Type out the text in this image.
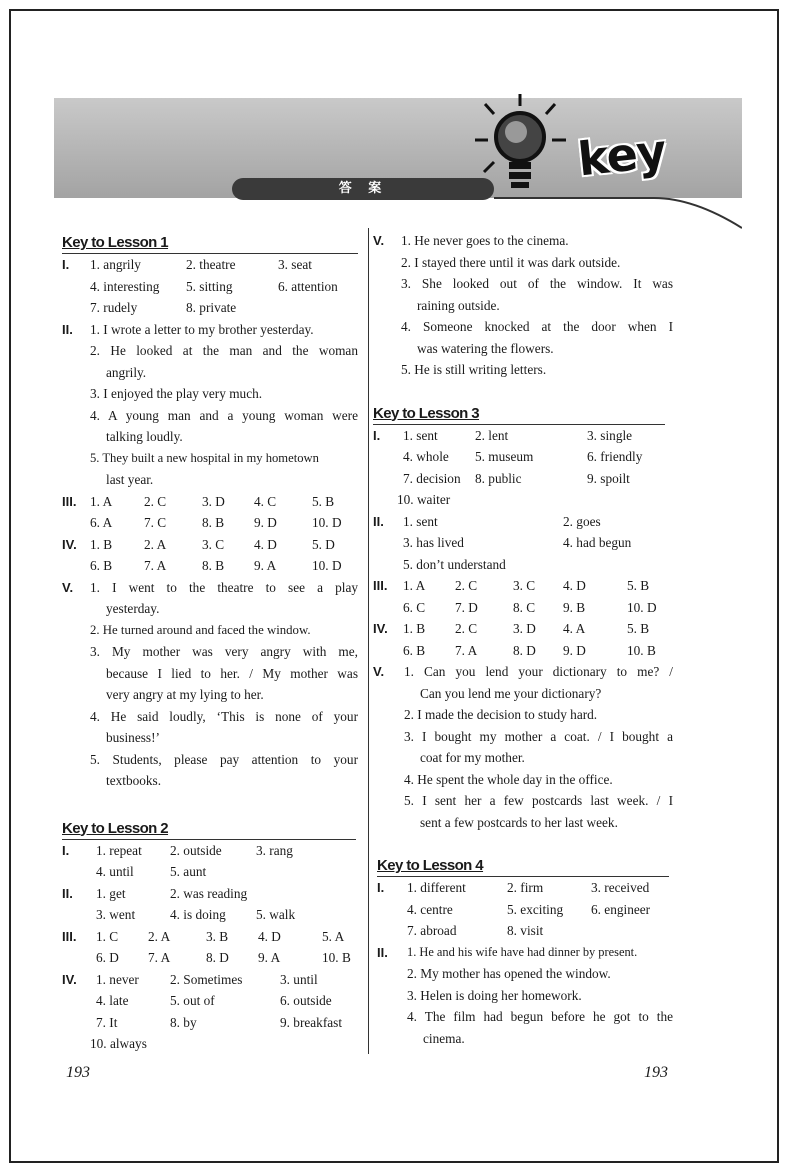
答 案
key
Key to Lesson 1
I. 1. angrily	2. theatre	3. seat
4. interesting	5. sitting	6. attention
7. rudely	8. private
II. 1. I wrote a letter to my brother yesterday.
2. He looked at the man and the woman
angrily.
3. I enjoyed the play very much.
4. A young man and a young woman were
talking loudly.
5. They built a new hospital in my hometown
last year.
III. 1. A	2. C	3. D	4. C	5. B
6. A	7. C	8. B	9. D	10. D
IV. 1. B	2. A	3. C	4. D	5. D
6. B	7. A	8. B	9. A	10. D
V. 1. I went to the theatre to see a play
yesterday.
2. He turned around and faced the window.
3. My mother was very angry with me,
because I lied to her. / My mother was
very angry at my lying to her.
4. He said loudly, ‘This is none of your
business!’
5. Students, please pay attention to your
textbooks.
Key to Lesson 2
I. 1. repeat	2. outside	3. rang
4. until	5. aunt
II. 1. get	2. was reading
3. went	4. is doing	5. walk
III. 1. C	2. A	3. B	4. D	5. A
6. D	7. A	8. D	9. A	10. B
IV. 1. never	2. Sometimes	3. until
4. late	5. out of	6. outside
7. It	8. by	9. breakfast
10. always
V. 1. He never goes to the cinema.
2. I stayed there until it was dark outside.
3. She looked out of the window. It was
raining outside.
4. Someone knocked at the door when I
was watering the flowers.
5. He is still writing letters.
Key to Lesson 3
I. 1. sent	2. lent	3. single
4. whole	5. museum	6. friendly
7. decision	8. public	9. spoilt
10. waiter
II. 1. sent	2. goes
3. has lived	4. had begun
5. don’t understand
III. 1. A	2. C	3. C	4. D	5. B
6. C	7. D	8. C	9. B	10. D
IV. 1. B	2. C	3. D	4. A	5. B
6. B	7. A	8. D	9. D	10. B
V. 1. Can you lend your dictionary to me? /
Can you lend me your dictionary?
2. I made the decision to study hard.
3. I bought my mother a coat. / I bought a
coat for my mother.
4. He spent the whole day in the office.
5. I sent her a few postcards last week. / I
sent a few postcards to her last week.
Key to Lesson 4
I. 1. different	2. firm	3. received
4. centre	5. exciting	6. engineer
7. abroad	8. visit
II. 1. He and his wife have had dinner by present.
2. My mother has opened the window.
3. Helen is doing her homework.
4. The film had begun before he got to the
cinema.
193	193
